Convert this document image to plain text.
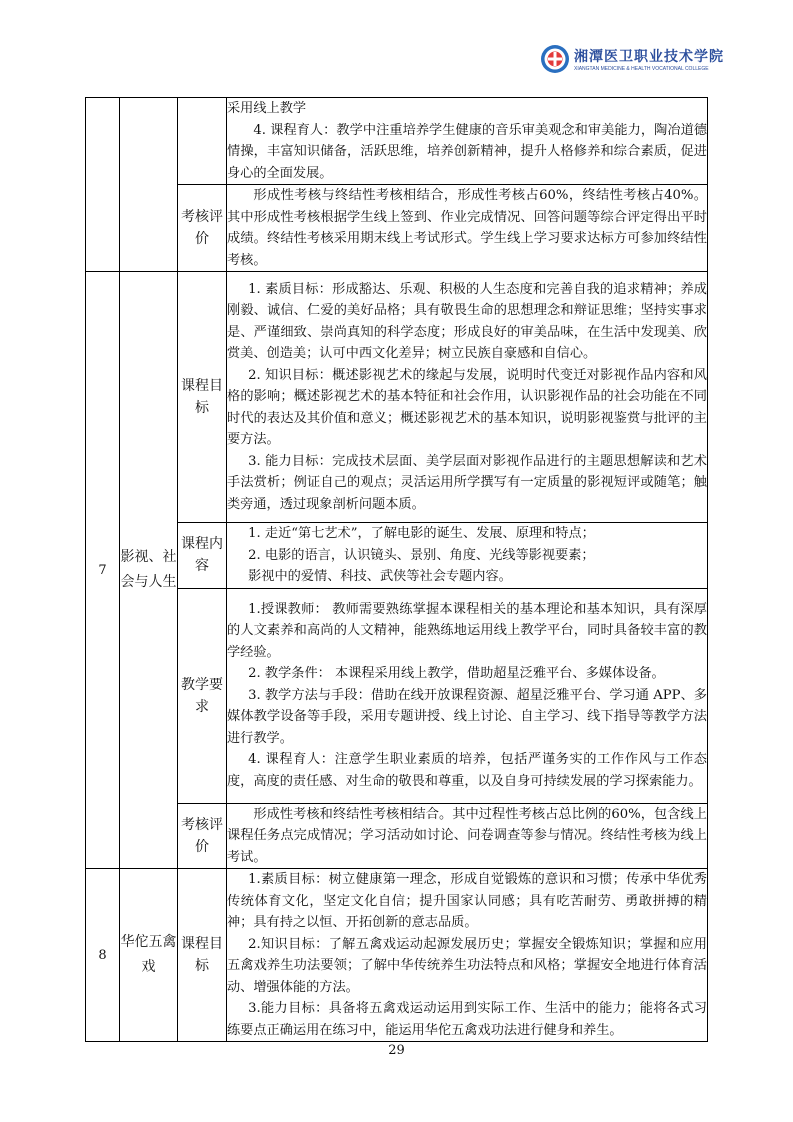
湘潭医卫职业技术学院
XIANGTAN MEDICINE & HEALTH VOCATIONAL COLLEGE

			采用线上教学

4. 课程育人：教学中注重培养学生健康的音乐审美观念和审美能力，陶冶道德情操，丰富知识储备，活跃思维，培养创新精神，提升人格修养和综合素质，促进身心的全面发展。

		考核评价	形成性考核与终结性考核相结合，形成性考核占60%，终结性考核占40%。其中形成性考核根据学生线上签到、作业完成情况、回答问题等综合评定得出平时成绩。终结性考核采用期末线上考试形式。学生线上学习要求达标方可参加终结性考核。

7	影视、社会与人生	课程目标	1. 素质目标：形成豁达、乐观、积极的人生态度和完善自我的追求精神；养成刚毅、诚信、仁爱的美好品格；具有敬畏生命的思想理念和辩证思维；坚持实事求是、严谨细致、崇尚真知的科学态度；形成良好的审美品味，在生活中发现美、欣赏美、创造美；认可中西文化差异；树立民族自豪感和自信心。

2. 知识目标：概述影视艺术的缘起与发展，说明时代变迁对影视作品内容和风格的影响；概述影视艺术的基本特征和社会作用，认识影视作品的社会功能在不同时代的表达及其价值和意义；概述影视艺术的基本知识，说明影视鉴赏与批评的主要方法。

3. 能力目标：完成技术层面、美学层面对影视作品进行的主题思想解读和艺术手法赏析；例证自己的观点；灵活运用所学撰写有一定质量的影视短评或随笔；触类旁通，透过现象剖析问题本质。

		课程内容	1. 走近“第七艺术”，了解电影的诞生、发展、原理和特点；

2. 电影的语言，认识镜头、景别、角度、光线等影视要素；

影视中的爱情、科技、武侠等社会专题内容。

		教学要求	1.授课教师： 教师需要熟练掌握本课程相关的基本理论和基本知识，具有深厚的人文素养和高尚的人文精神，能熟练地运用线上教学平台，同时具备较丰富的教学经验。

2. 教学条件： 本课程采用线上教学，借助超星泛雅平台、多媒体设备。

3. 教学方法与手段：借助在线开放课程资源、超星泛雅平台、学习通 APP、多媒体教学设备等手段，采用专题讲授、线上讨论、自主学习、线下指导等教学方法进行教学。

4. 课程育人：注意学生职业素质的培养，包括严谨务实的工作作风与工作态度，高度的责任感、对生命的敬畏和尊重，以及自身可持续发展的学习探索能力。

		考核评价	形成性考核和终结性考核相结合。其中过程性考核占总比例的60%，包含线上课程任务点完成情况；学习活动如讨论、问卷调查等参与情况。终结性考核为线上考试。

8	华佗五禽戏	课程目标	1.素质目标：树立健康第一理念，形成自觉锻炼的意识和习惯；传承中华优秀传统体育文化，坚定文化自信；提升国家认同感；具有吃苦耐劳、勇敢拼搏的精神；具有持之以恒、开拓创新的意志品质。

2.知识目标：了解五禽戏运动起源发展历史；掌握安全锻炼知识；掌握和应用五禽戏养生功法要领；了解中华传统养生功法特点和风格；掌握安全地进行体育活动、增强体能的方法。

3.能力目标：具备将五禽戏运动运用到实际工作、生活中的能力；能将各式习练要点正确运用在练习中，能运用华佗五禽戏功法进行健身和养生。

29
